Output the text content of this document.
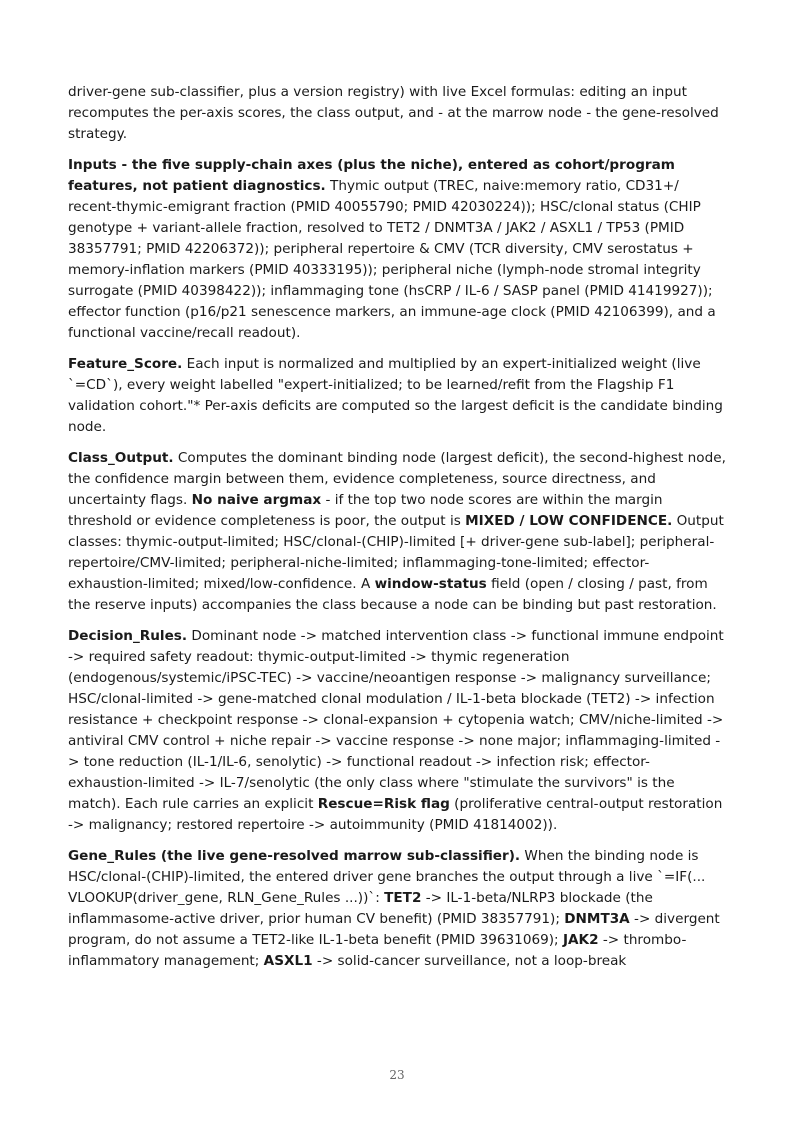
driver-gene sub-classifier, plus a version registry) with live Excel formulas: editing an input recomputes the per-axis scores, the class output, and - at the marrow node - the gene-resolved strategy.

Inputs - the five supply-chain axes (plus the niche), entered as cohort/program features, not patient diagnostics. Thymic output (TREC, naive:memory ratio, CD31+/ recent-thymic-emigrant fraction (PMID 40055790; PMID 42030224)); HSC/clonal status (CHIP genotype + variant-allele fraction, resolved to TET2 / DNMT3A / JAK2 / ASXL1 / TP53 (PMID 38357791; PMID 42206372)); peripheral repertoire & CMV (TCR diversity, CMV serostatus + memory-inflation markers (PMID 40333195)); peripheral niche (lymph-node stromal integrity surrogate (PMID 40398422)); inflammaging tone (hsCRP / IL-6 / SASP panel (PMID 41419927)); effector function (p16/p21 senescence markers, an immune-age clock (PMID 42106399), and a functional vaccine/recall readout).

Feature_Score. Each input is normalized and multiplied by an expert-initialized weight (live `=CD`), every weight labelled "expert-initialized; to be learned/refit from the Flagship F1 validation cohort."* Per-axis deficits are computed so the largest deficit is the candidate binding node.

Class_Output. Computes the dominant binding node (largest deficit), the second-highest node, the confidence margin between them, evidence completeness, source directness, and uncertainty flags. No naive argmax - if the top two node scores are within the margin threshold or evidence completeness is poor, the output is MIXED / LOW CONFIDENCE. Output classes: thymic-output-limited; HSC/clonal-(CHIP)-limited [+ driver-gene sub-label]; peripheral-repertoire/CMV-limited; peripheral-niche-limited; inflammaging-tone-limited; effector-exhaustion-limited; mixed/low-confidence. A window-status field (open / closing / past, from the reserve inputs) accompanies the class because a node can be binding but past restoration.

Decision_Rules. Dominant node -> matched intervention class -> functional immune endpoint -> required safety readout: thymic-output-limited -> thymic regeneration (endogenous/systemic/iPSC-TEC) -> vaccine/neoantigen response -> malignancy surveillance; HSC/clonal-limited -> gene-matched clonal modulation / IL-1-beta blockade (TET2) -> infection resistance + checkpoint response -> clonal-expansion + cytopenia watch; CMV/niche-limited -> antiviral CMV control + niche repair -> vaccine response -> none major; inflammaging-limited -> tone reduction (IL-1/IL-6, senolytic) -> functional readout -> infection risk; effector-exhaustion-limited -> IL-7/senolytic (the only class where "stimulate the survivors" is the match). Each rule carries an explicit Rescue=Risk flag (proliferative central-output restoration -> malignancy; restored repertoire -> autoimmunity (PMID 41814002)).

Gene_Rules (the live gene-resolved marrow sub-classifier). When the binding node is HSC/clonal-(CHIP)-limited, the entered driver gene branches the output through a live `=IF(... VLOOKUP(driver_gene, RLN_Gene_Rules ...))`: TET2 -> IL-1-beta/NLRP3 blockade (the inflammasome-active driver, prior human CV benefit) (PMID 38357791); DNMT3A -> divergent program, do not assume a TET2-like IL-1-beta benefit (PMID 39631069); JAK2 -> thrombo-inflammatory management; ASXL1 -> solid-cancer surveillance, not a loop-break

23
